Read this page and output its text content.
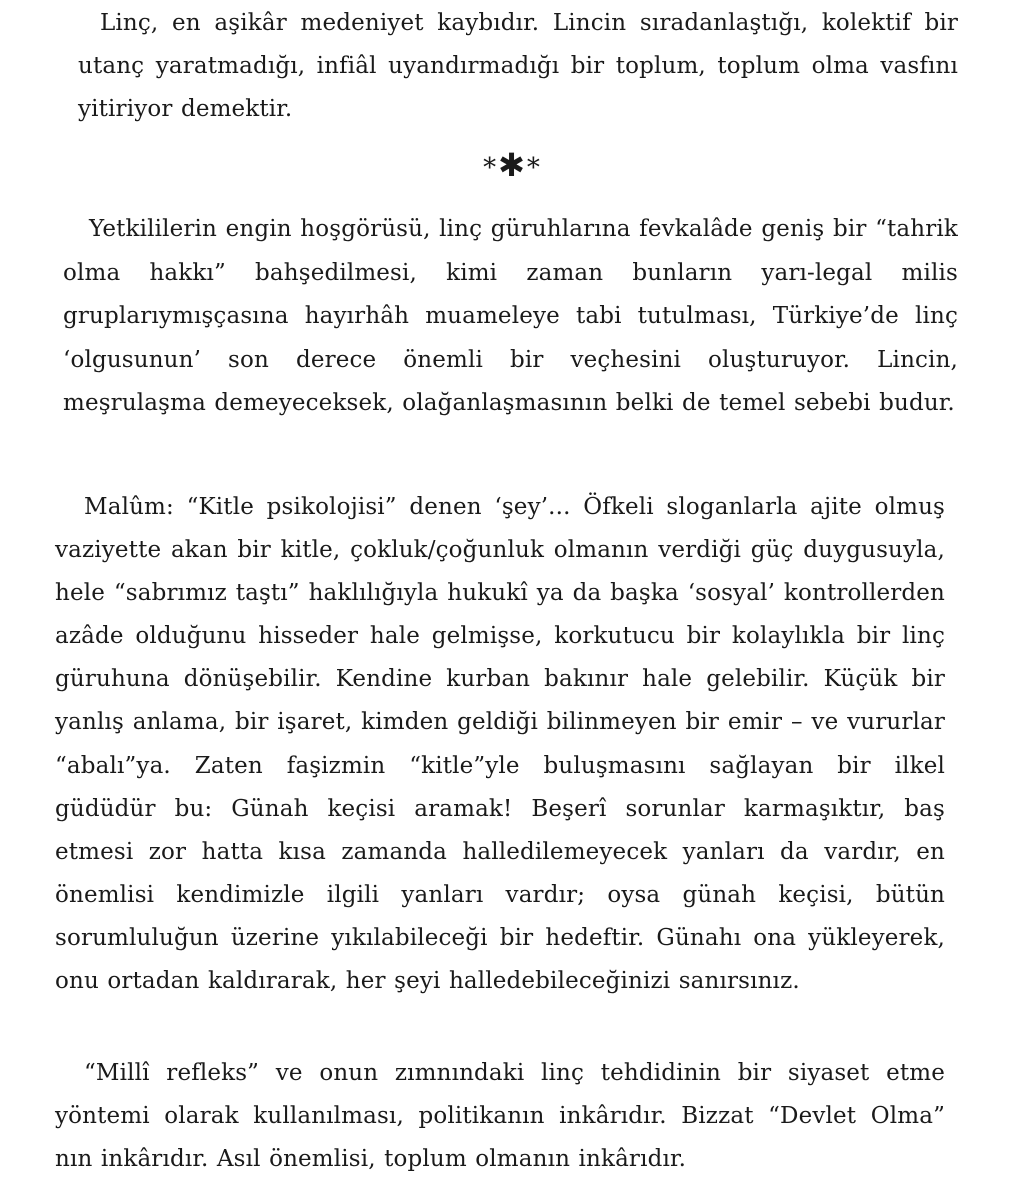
Linç, en aşikâr medeniyet kaybıdır. Lincin sıradanlaştığı, kolektif bir utanç yaratmadığı, infiâl uyandırmadığı bir toplum, toplum olma vasfını yitiriyor demektir.

*✱*

Yetkililerin engin hoşgörüsü, linç güruhlarına fevkalâde geniş bir “tahrik olma hakkı” bahşedilmesi, kimi zaman bunların yarı-legal milis gruplarıymışçasına hayırhâh muameleye tabi tutulması, Türkiye’de linç ‘olgusunun’ son derece önemli bir veçhesini oluşturuyor. Lincin, meşrulaşma demeyeceksek, olağanlaşmasının belki de temel sebebi budur.

Malûm: “Kitle psikolojisi” denen ‘şey’... Öfkeli sloganlarla ajite olmuş vaziyette akan bir kitle, çokluk/çoğunluk olmanın verdiği güç duygusuyla, hele “sabrımız taştı” haklılığıyla hukukî ya da başka ‘sosyal’ kontrollerden azâde olduğunu hisseder hale gelmişse, korkutucu bir kolaylıkla bir linç güruhuna dönüşebilir. Kendine kurban bakınır hale gelebilir. Küçük bir yanlış anlama, bir işaret, kimden geldiği bilinmeyen bir emir – ve vururlar “abalı”ya. Zaten faşizmin “kitle”yle buluşmasını sağlayan bir ilkel güdüdür bu: Günah keçisi aramak! Beşerî sorunlar karmaşıktır, baş etmesi zor hatta kısa zamanda halledilemeyecek yanları da vardır, en önemlisi kendimizle ilgili yanları vardır; oysa günah keçisi, bütün sorumluluğun üzerine yıkılabileceği bir hedeftir. Günahı ona yükleyerek, onu ortadan kaldırarak, her şeyi halledebileceğinizi sanırsınız.

“Millî refleks” ve onun zımnındaki linç tehdidinin bir siyaset etme yöntemi olarak kullanılması, politikanın inkârıdır. Bizzat “Devlet Olma” nın inkârıdır. Asıl önemlisi, toplum olmanın inkârıdır.
